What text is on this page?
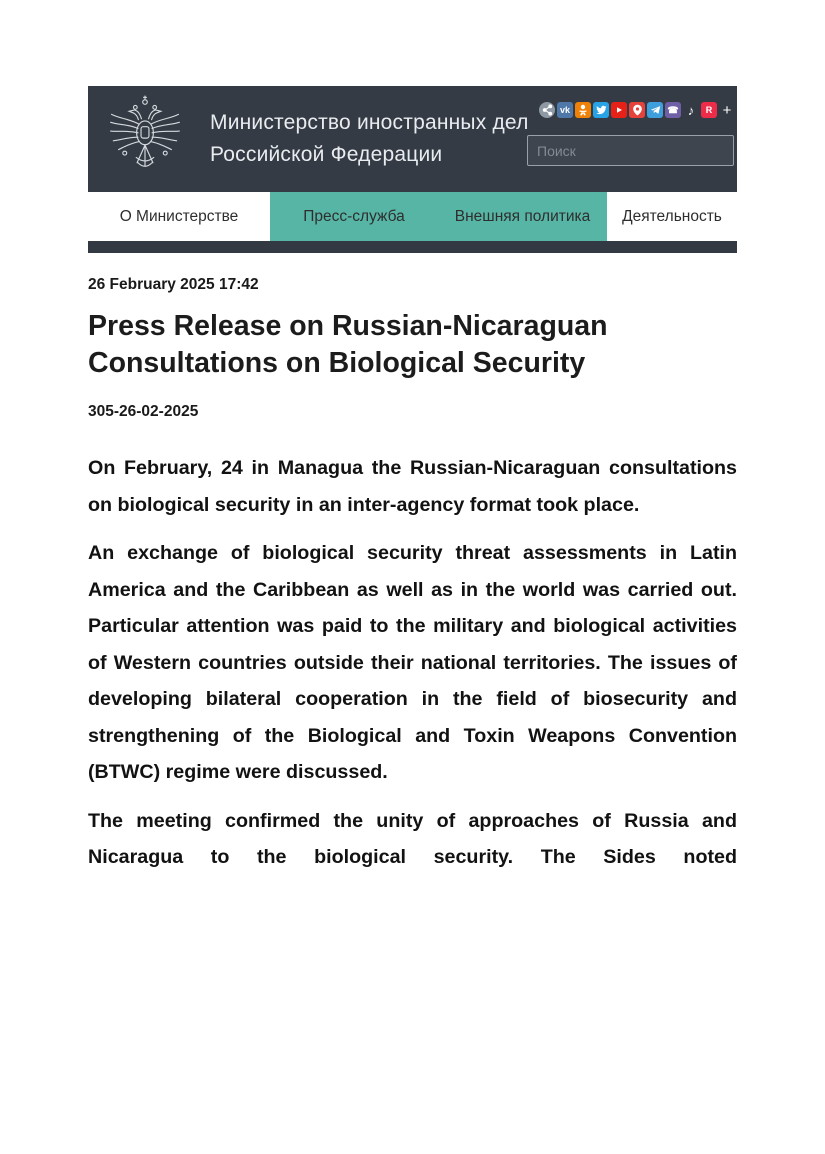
Министерство иностранных дел
Российской Федерации
vk	☎ ♪	R +
Поиск
О Министерстве	Пресс-служба	Внешняя политика	Деятельность
26 February 2025 17:42
Press Release on Russian-Nicaraguan Consultations on Biological Security
305-26-02-2025

On February, 24 in Managua the Russian-Nicaraguan consultations on biological security in an inter-agency format took place.

An exchange of biological security threat assessments in Latin America and the Caribbean as well as in the world was carried out. Particular attention was paid to the military and biological activities of Western countries outside their national territories. The issues of developing bilateral cooperation in the field of biosecurity and strengthening of the Biological and Toxin Weapons Convention (BTWC) regime were discussed.

The meeting confirmed the unity of approaches of Russia and Nicaragua to the biological security. The Sides noted
